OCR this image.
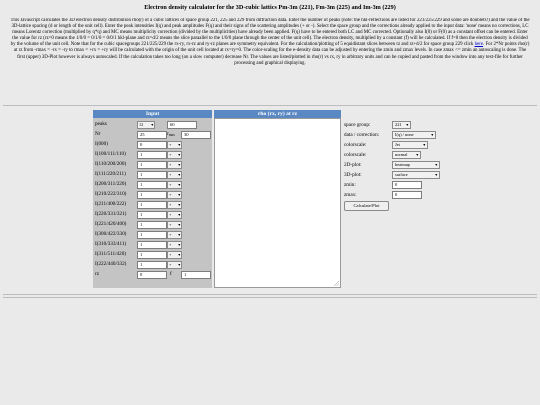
Electron density calculator for the 3D-cubic lattics Pm-3m (221), Fm-3m (225) and Im-3m (229)
This Javascript calculates the 3D electron density distribution rho(r) of a cubic lattices of space group 221, 225 and 229 from diffraction data. Enter the number of peaks (note: the hkl-reflections are listed for 221/225/229 and some are doublets!) and the value of the 3D-lattice spacing (d or length of the unit cell). Enter the peak intensities I(q) and peak amplitudes F(q) and their signs of the scattering amplitudes (+ or -). Select the space group and the corrections already applied to the input data: 'none' means no corrections, LC means Lorentz correction (multiplied by q*q) and MC means multiplicity correction (divided by the multiplicities) have already been applied. F(q) have to be entered both LC and MC corrected. Optionally also I(0) or F(0) as a constant offset can be entered. Enter the value for rz (rz=0 means the 1/0/0 = 0/1/0 = 0/0/1 hkl-plane and rz=d/2 means the slice paraallel to the 1/0/0 plane through the center of the unit cell). The electron density, multiplied by a constant (f) will be calculated. If f=0 then the electron density is divided by the volume of the unit cell. Note that for the cubic spacegroups 221/225/229 the rx-ry, rx-rz and ry-rz planes are symmetry equivalent. For the calculation/plotting of 5 equidistant slices between rz and rz+d/2 for space group 229 click here. For 2*Nr points rho(r) at rz from -rmax = -rx = -ry to rmax = +rx = +ry will be calculated with the origin of the unit cell located at rx=ry=0. The color-scaling for the e-density data can be adjusted by entering the zmin and zmax levels. In case zmax <= zmin an autoscaling is done. The first (upper) 3D-Plot however is always autoscaled. If the calculation takes too long (on a slow computer) decrease Nr. The values are listed/plotted in rho(r) vs rx, ry in arbitrary units and can be copied and pasted from the window into any text-file for further processing and graphical displaying.
Input
peaks	12 ▼	60
Nr	25	$r_{max}$	30
I(000)	0	+ ▼
I(100/111/110)	1	+ ▼
I(110/200/200)	1	+ ▼
I(111/220/211)	1	+ ▼
I(200/311/220)	1	+ ▼
I(210/222/310)	1	+ ▼
I(211/400/222)	1	+ ▼
I(220/331/321)	1	+ ▼
I(221/420/400)	1	+ ▼
I(300/422/330)	1	+ ▼
I(310/333/411)	1	+ ▼
I(311/511/420)	1	+ ▼
I(222/440/332)	1	+ ▼
rz	0	f	1
rho (rx, ry) at rz
space group:	221 ▼
data / correction:	I(q) / none	▼
colorscale:	Jet	▼
colorscale:	normal ▼
2D-plot:	heatmap	▼
3D-plot:	surface	▼
zmin:	0
zmax:	0
Calculate/Plot
